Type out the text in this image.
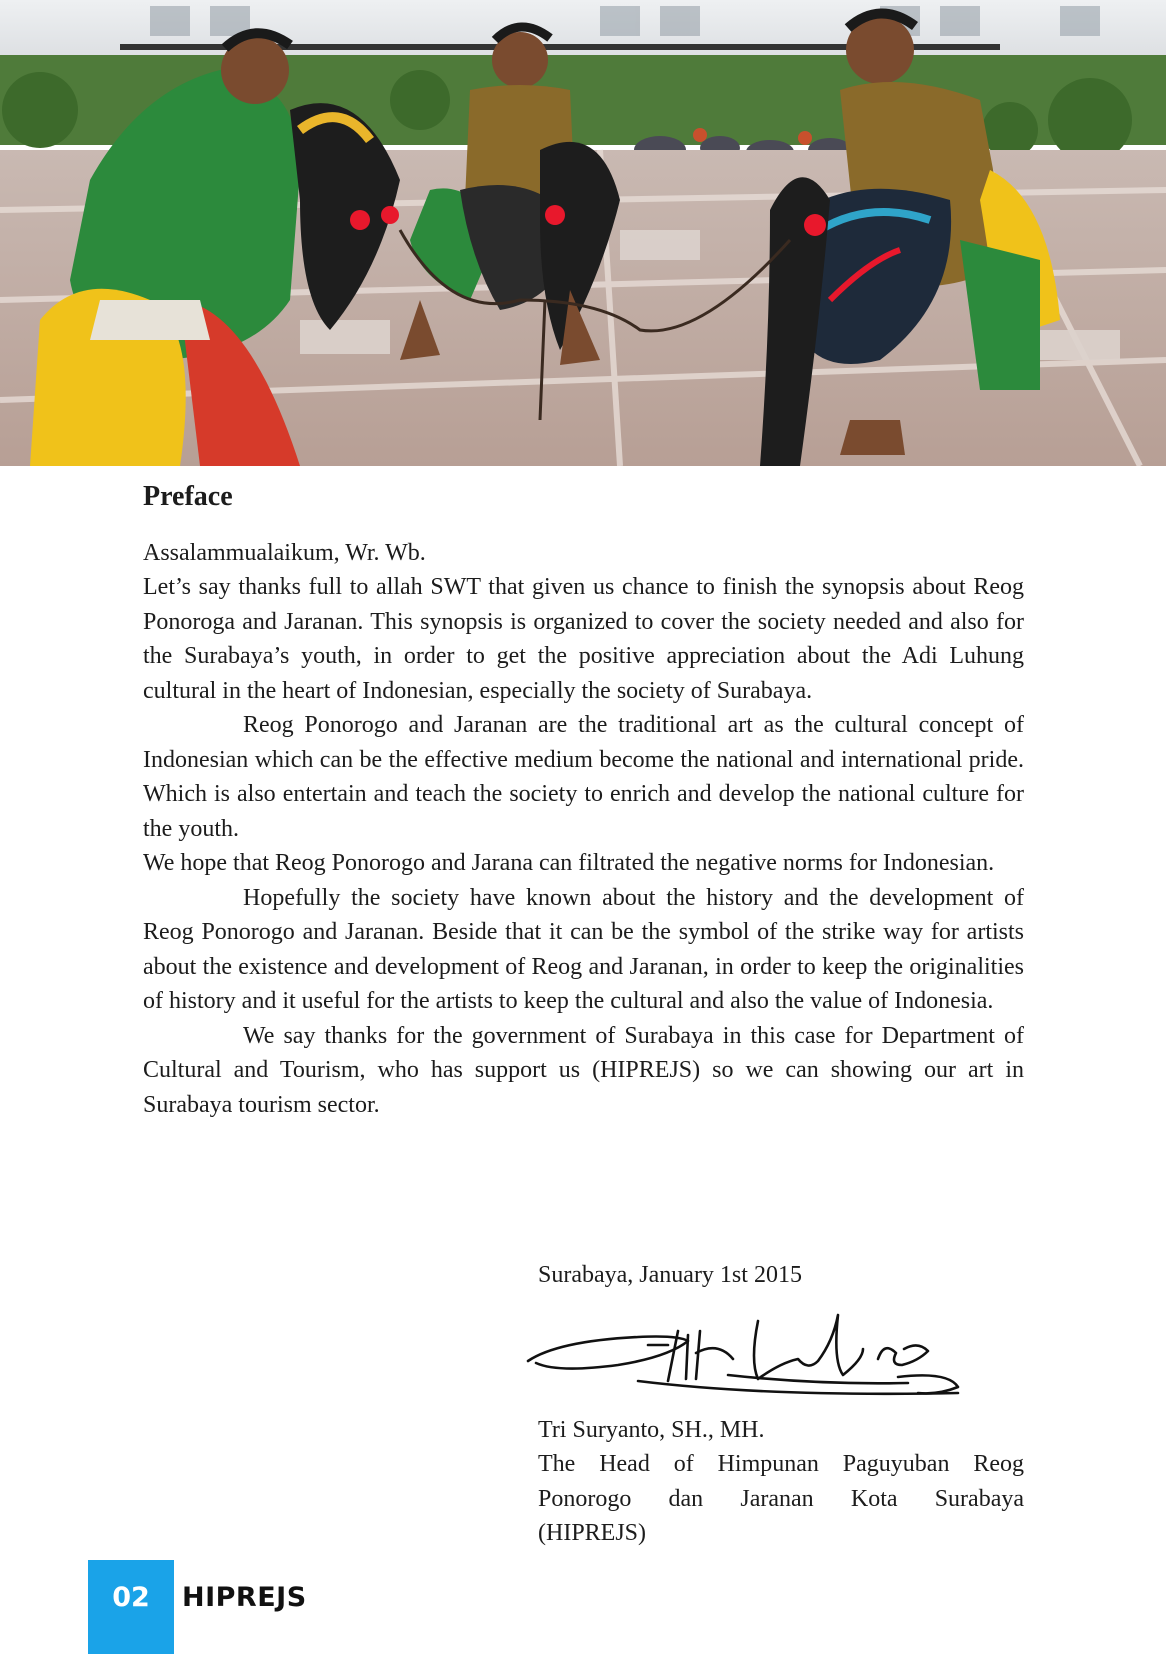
Preface

Assalammualaikum, Wr. Wb.

Let’s say thanks full to allah SWT that given us chance to finish the synopsis about Reog Ponoroga and Jaranan. This synopsis is organized to cover the society needed and also for the Surabaya’s youth, in order to get the positive appreciation about the Adi Luhung cultural in the heart of Indonesian, especially the society of Surabaya.

Reog Ponorogo and Jaranan are the traditional art as the cultural concept of Indonesian which can be the effective medium become the national and international pride. Which is also entertain and teach the society to enrich and develop the national culture for the youth.

We hope that Reog Ponorogo and Jarana can filtrated the negative norms for Indonesian.

Hopefully the society have known about the history and the development of Reog Ponorogo and Jaranan. Beside that it can be the symbol of the strike way for artists about the existence and development of Reog and Jaranan, in order to keep the originalities of history and it useful for the artists to keep the cultural and also the value of Indonesia.

We say thanks for the government of Surabaya in this case for Department of Cultural and Tourism, who has support us (HIPREJS) so we can showing our art in Surabaya tourism sector.

Surabaya, January 1st 2015

Tri Suryanto, SH., MH.

The Head of Himpunan Paguyuban Reog

Ponorogo dan Jaranan Kota Surabaya

(HIPREJS)

02	HIPREJS
